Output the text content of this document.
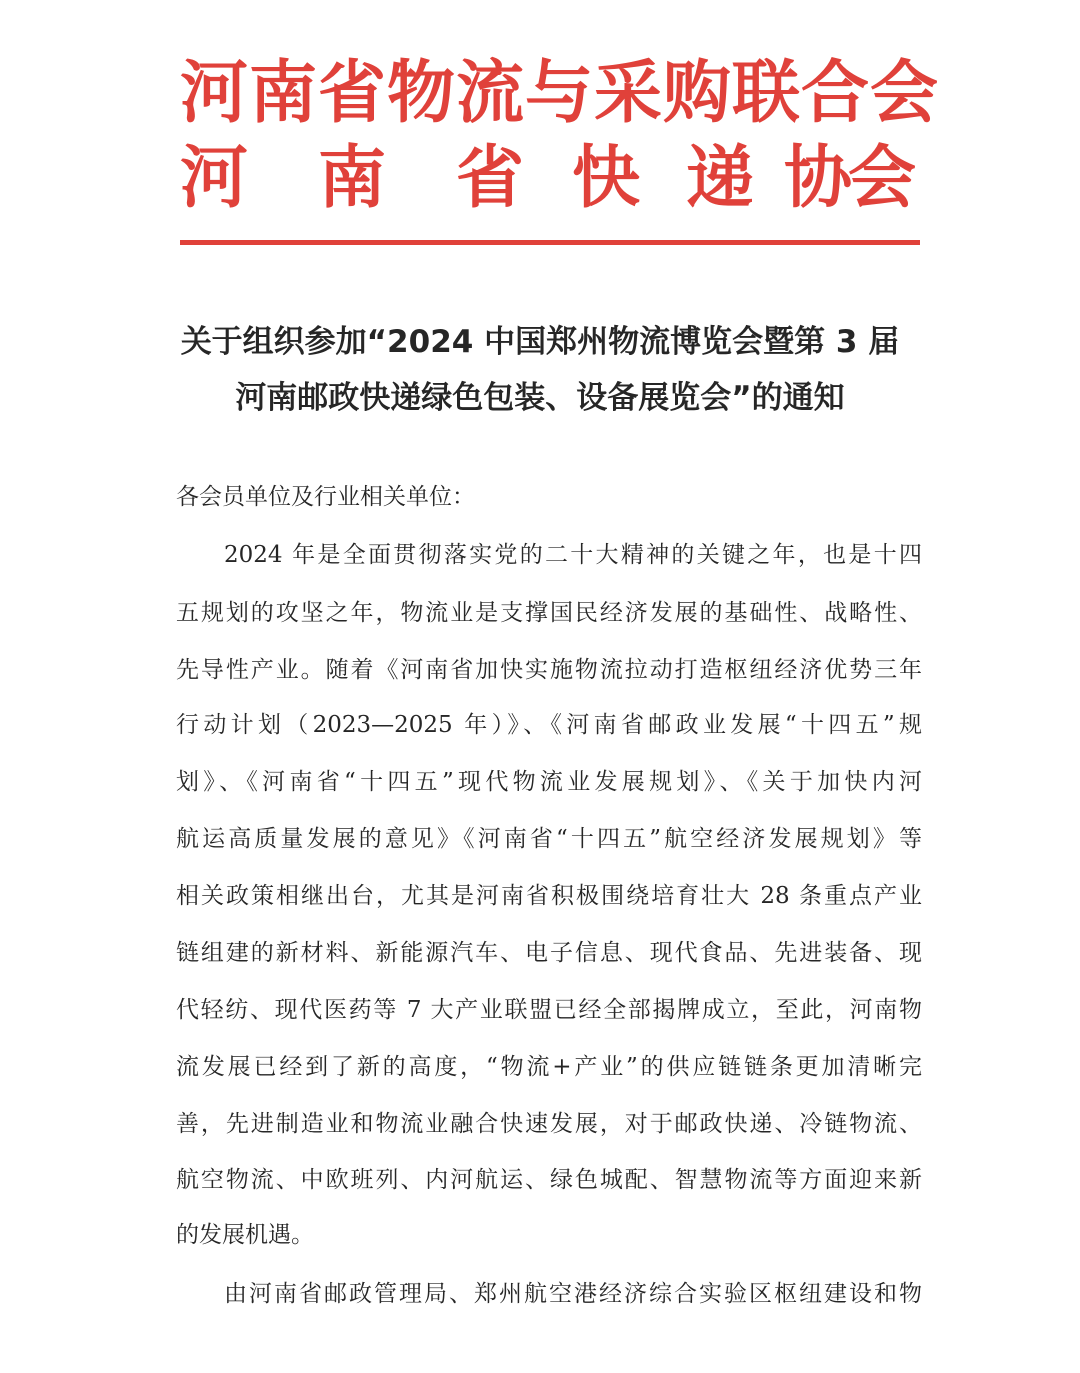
河南省物流与采购联合会
河 南 省 快 递 协
会
关于组织参加“2024 中国郑州物流博览会暨第 3 届
河南邮政快递绿色包装、设备展览会”的通知
各会员单位及行业相关单位：
2024 年是全面贯彻落实党的二十大精神的关键之年，也是十四
五规划的攻坚之年，物流业是支撑国民经济发展的基础性、战略性、
先导性产业。随着《河南省加快实施物流拉动打造枢纽经济优势三年
行动计划（2023—2025 年）》、《河南省邮政业发展“十四五”规
划》、《河南省“十四五”现代物流业发展规划》、《关于加快内河
航运高质量发展的意见》《河南省“十四五”航空经济发展规划》等
相关政策相继出台，尤其是河南省积极围绕培育壮大 28 条重点产业
链组建的新材料、新能源汽车、电子信息、现代食品、先进装备、现
代轻纺、现代医药等 7 大产业联盟已经全部揭牌成立，至此，河南物
流发展已经到了新的高度，“物流+产业”的供应链链条更加清晰完
善，先进制造业和物流业融合快速发展，对于邮政快递、冷链物流、
航空物流、中欧班列、内河航运、绿色城配、智慧物流等方面迎来新
的发展机遇。
由河南省邮政管理局、郑州航空港经济综合实验区枢纽建设和物
